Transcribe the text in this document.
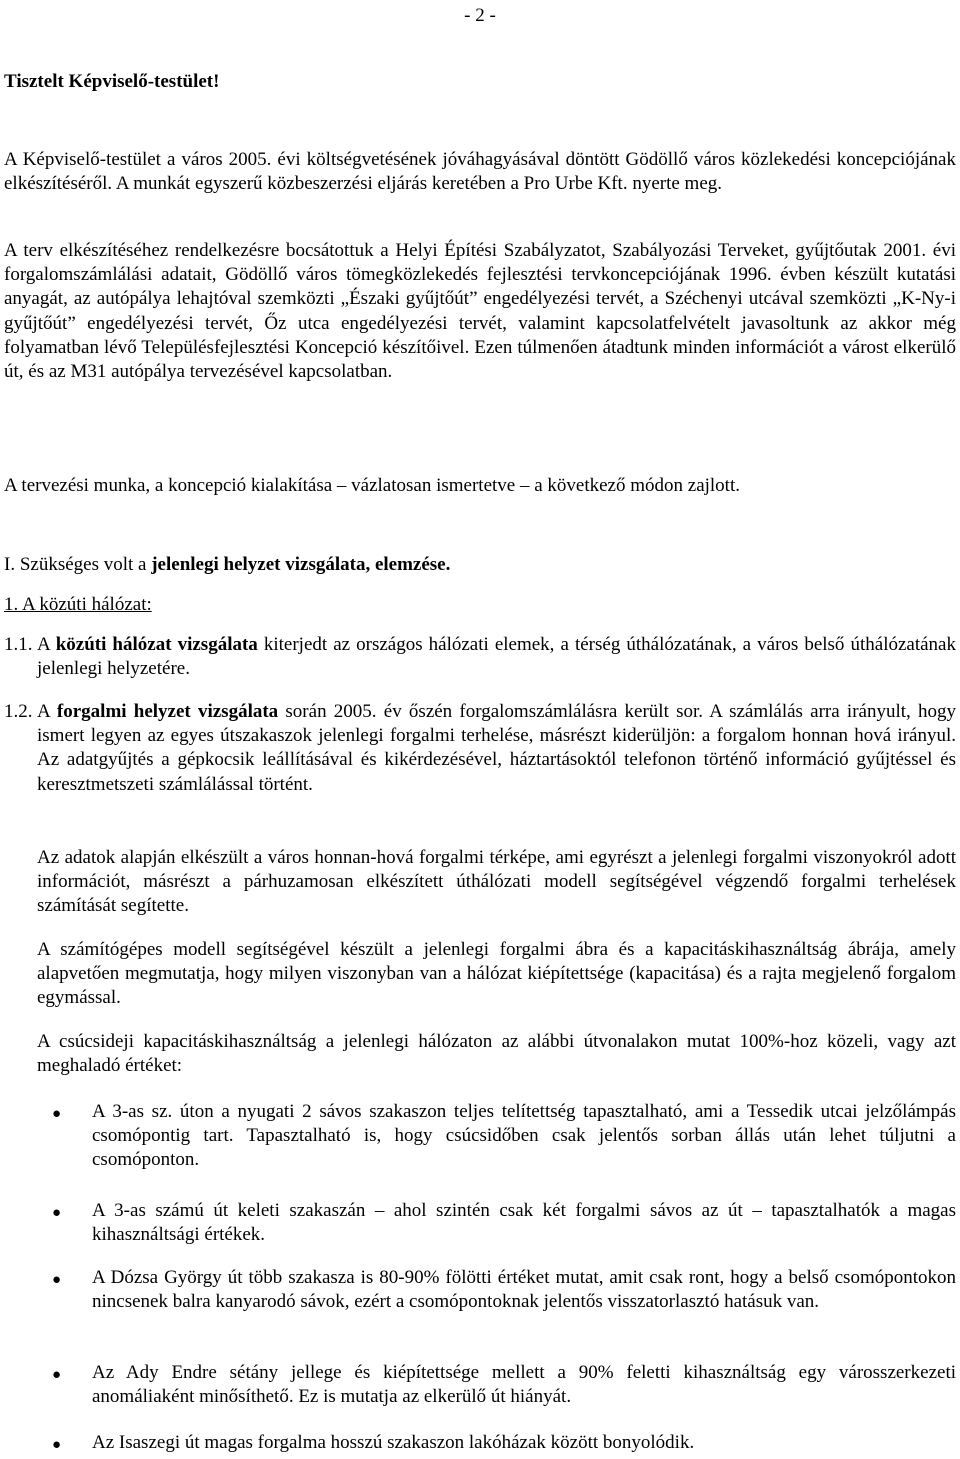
- 2 -

Tisztelt Képviselő-testület!

A Képviselő-testület a város 2005. évi költségvetésének jóváhagyásával döntött Gödöllő város közlekedési koncepciójának elkészítéséről. A munkát egyszerű közbeszerzési eljárás keretében a Pro Urbe Kft. nyerte meg.

A terv elkészítéséhez rendelkezésre bocsátottuk a Helyi Építési Szabályzatot, Szabályozási Terveket, gyűjtőutak 2001. évi forgalomszámlálási adatait, Gödöllő város tömegközlekedés fejlesztési tervkoncepciójának 1996. évben készült kutatási anyagát, az autópálya lehajtóval szemközti „Északi gyűjtőút” engedélyezési tervét, a Széchenyi utcával szemközti „K-Ny-i gyűjtőút” engedélyezési tervét, Őz utca engedélyezési tervét, valamint kapcsolatfelvételt javasoltunk az akkor még folyamatban lévő Településfejlesztési Koncepció készítőivel. Ezen túlmenően átadtunk minden információt a várost elkerülő út, és az M31 autópálya tervezésével kapcsolatban.

A tervezési munka, a koncepció kialakítása – vázlatosan ismertetve – a következő módon zajlott.

I. Szükséges volt a jelenlegi helyzet vizsgálata, elemzése.

1. A közúti hálózat:

1.1. A közúti hálózat vizsgálata kiterjedt az országos hálózati elemek, a térség úthálózatának, a város belső úthálózatának jelenlegi helyzetére.

1.2. A forgalmi helyzet vizsgálata során 2005. év őszén forgalomszámlálásra került sor. A számlálás arra irányult, hogy ismert legyen az egyes útszakaszok jelenlegi forgalmi terhelése, másrészt kiderüljön: a forgalom honnan hová irányul. Az adatgyűjtés a gépkocsik leállításával és kikérdezésével, háztartásoktól telefonon történő információ gyűjtéssel és keresztmetszeti számlálással történt.

Az adatok alapján elkészült a város honnan-hová forgalmi térképe, ami egyrészt a jelenlegi forgalmi viszonyokról adott információt, másrészt a párhuzamosan elkészített úthálózati modell segítségével végzendő forgalmi terhelések számítását segítette.

A számítógépes modell segítségével készült a jelenlegi forgalmi ábra és a kapacitáskihasználtság ábrája, amely alapvetően megmutatja, hogy milyen viszonyban van a hálózat kiépítettsége (kapacitása) és a rajta megjelenő forgalom egymással.

A csúcsideji kapacitáskihasználtság a jelenlegi hálózaton az alábbi útvonalakon mutat 100%-hoz közeli, vagy azt meghaladó értéket:

● A 3-as sz. úton a nyugati 2 sávos szakaszon teljes telítettség tapasztalható, ami a Tessedik utcai jelzőlámpás csomópontig tart. Tapasztalható is, hogy csúcsidőben csak jelentős sorban állás után lehet túljutni a csomóponton.

● A 3-as számú út keleti szakaszán – ahol szintén csak két forgalmi sávos az út – tapasztalhatók a magas kihasználtsági értékek.

● A Dózsa György út több szakasza is 80-90% fölötti értéket mutat, amit csak ront, hogy a belső csomópontokon nincsenek balra kanyarodó sávok, ezért a csomópontoknak jelentős visszatorlasztó hatásuk van.

● Az Ady Endre sétány jellege és kiépítettsége mellett a 90% feletti kihasználtság egy városszerkezeti anomáliaként minősíthető. Ez is mutatja az elkerülő út hiányát.

● Az Isaszegi út magas forgalma hosszú szakaszon lakóházak között bonyolódik.
